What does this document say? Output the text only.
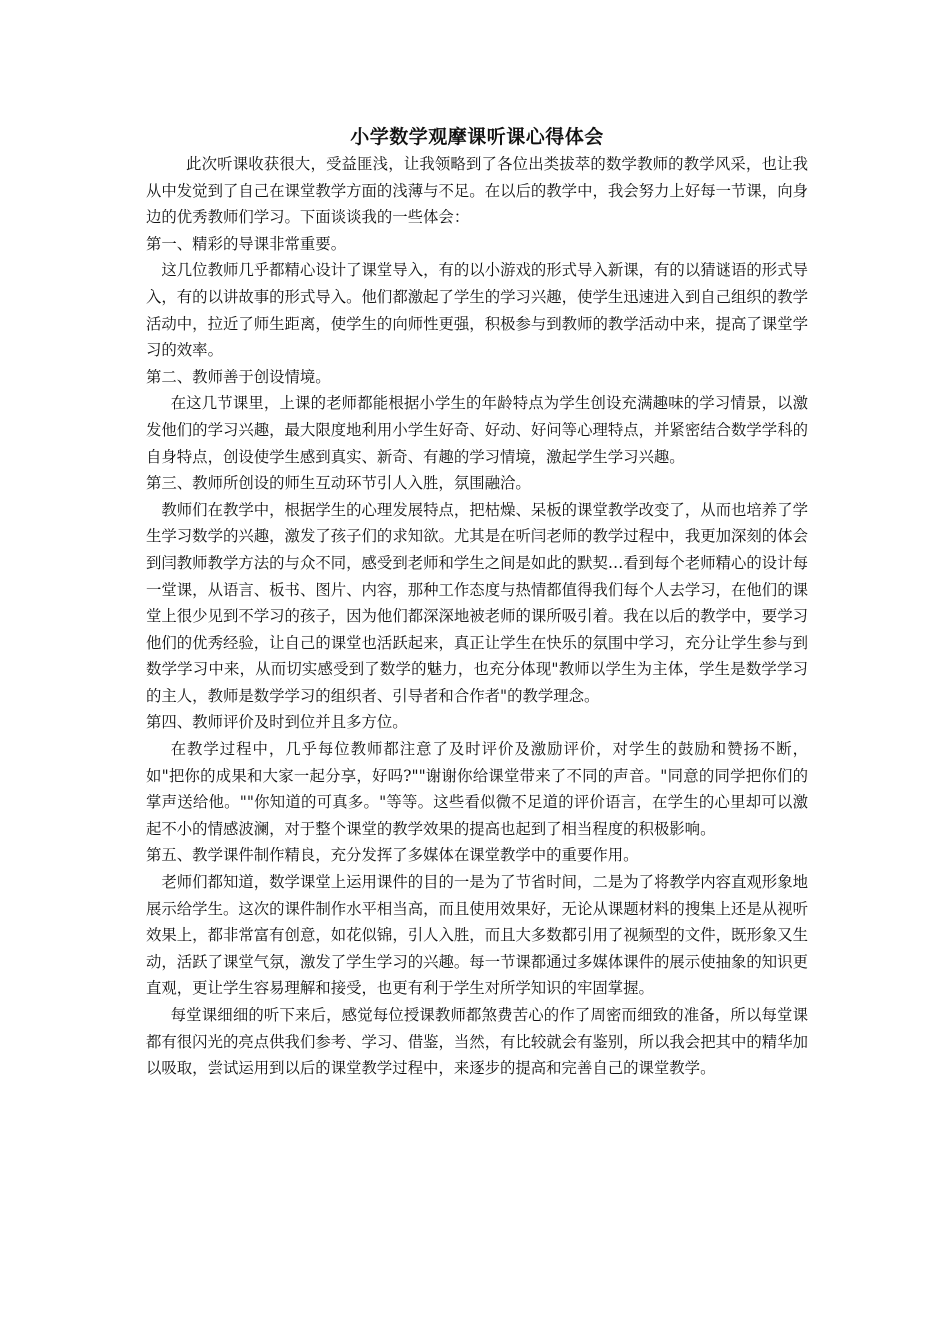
小学数学观摩课听课心得体会

此次听课收获很大，受益匪浅，让我领略到了各位出类拔萃的数学教师的教学风采，也让我从中发觉到了自己在课堂教学方面的浅薄与不足。在以后的教学中，我会努力上好每一节课，向身边的优秀教师们学习。下面谈谈我的一些体会：

第一、精彩的导课非常重要。

这几位教师几乎都精心设计了课堂导入，有的以小游戏的形式导入新课，有的以猜谜语的形式导入，有的以讲故事的形式导入。他们都激起了学生的学习兴趣，使学生迅速进入到自己组织的教学活动中，拉近了师生距离，使学生的向师性更强，积极参与到教师的教学活动中来，提高了课堂学习的效率。

第二、教师善于创设情境。

在这几节课里，上课的老师都能根据小学生的年龄特点为学生创设充满趣味的学习情景，以激发他们的学习兴趣，最大限度地利用小学生好奇、好动、好问等心理特点，并紧密结合数学学科的自身特点，创设使学生感到真实、新奇、有趣的学习情境，激起学生学习兴趣。

第三、教师所创设的师生互动环节引人入胜，氛围融洽。

教师们在教学中，根据学生的心理发展特点，把枯燥、呆板的课堂教学改变了，从而也培养了学生学习数学的兴趣，激发了孩子们的求知欲。尤其是在听闫老师的教学过程中，我更加深刻的体会到闫教师教学方法的与众不同，感受到老师和学生之间是如此的默契…看到每个老师精心的设计每一堂课，从语言、板书、图片、内容，那种工作态度与热情都值得我们每个人去学习，在他们的课堂上很少见到不学习的孩子，因为他们都深深地被老师的课所吸引着。我在以后的教学中，要学习他们的优秀经验，让自己的课堂也活跃起来，真正让学生在快乐的氛围中学习，充分让学生参与到数学学习中来，从而切实感受到了数学的魅力，也充分体现"教师以学生为主体，学生是数学学习的主人，教师是数学学习的组织者、引导者和合作者"的教学理念。

第四、教师评价及时到位并且多方位。

在教学过程中，几乎每位教师都注意了及时评价及激励评价，对学生的鼓励和赞扬不断，如"把你的成果和大家一起分享，好吗?""谢谢你给课堂带来了不同的声音。"同意的同学把你们的掌声送给他。""你知道的可真多。"等等。这些看似微不足道的评价语言，在学生的心里却可以激起不小的情感波澜，对于整个课堂的教学效果的提高也起到了相当程度的积极影响。

第五、教学课件制作精良，充分发挥了多媒体在课堂教学中的重要作用。

老师们都知道，数学课堂上运用课件的目的一是为了节省时间，二是为了将教学内容直观形象地展示给学生。这次的课件制作水平相当高，而且使用效果好，无论从课题材料的搜集上还是从视听效果上，都非常富有创意，如花似锦，引人入胜，而且大多数都引用了视频型的文件，既形象又生动，活跃了课堂气氛，激发了学生学习的兴趣。每一节课都通过多媒体课件的展示使抽象的知识更直观，更让学生容易理解和接受，也更有利于学生对所学知识的牢固掌握。

每堂课细细的听下来后，感觉每位授课教师都煞费苦心的作了周密而细致的准备，所以每堂课都有很闪光的亮点供我们参考、学习、借鉴，当然，有比较就会有鉴别，所以我会把其中的精华加以吸取，尝试运用到以后的课堂教学过程中，来逐步的提高和完善自己的课堂教学。
